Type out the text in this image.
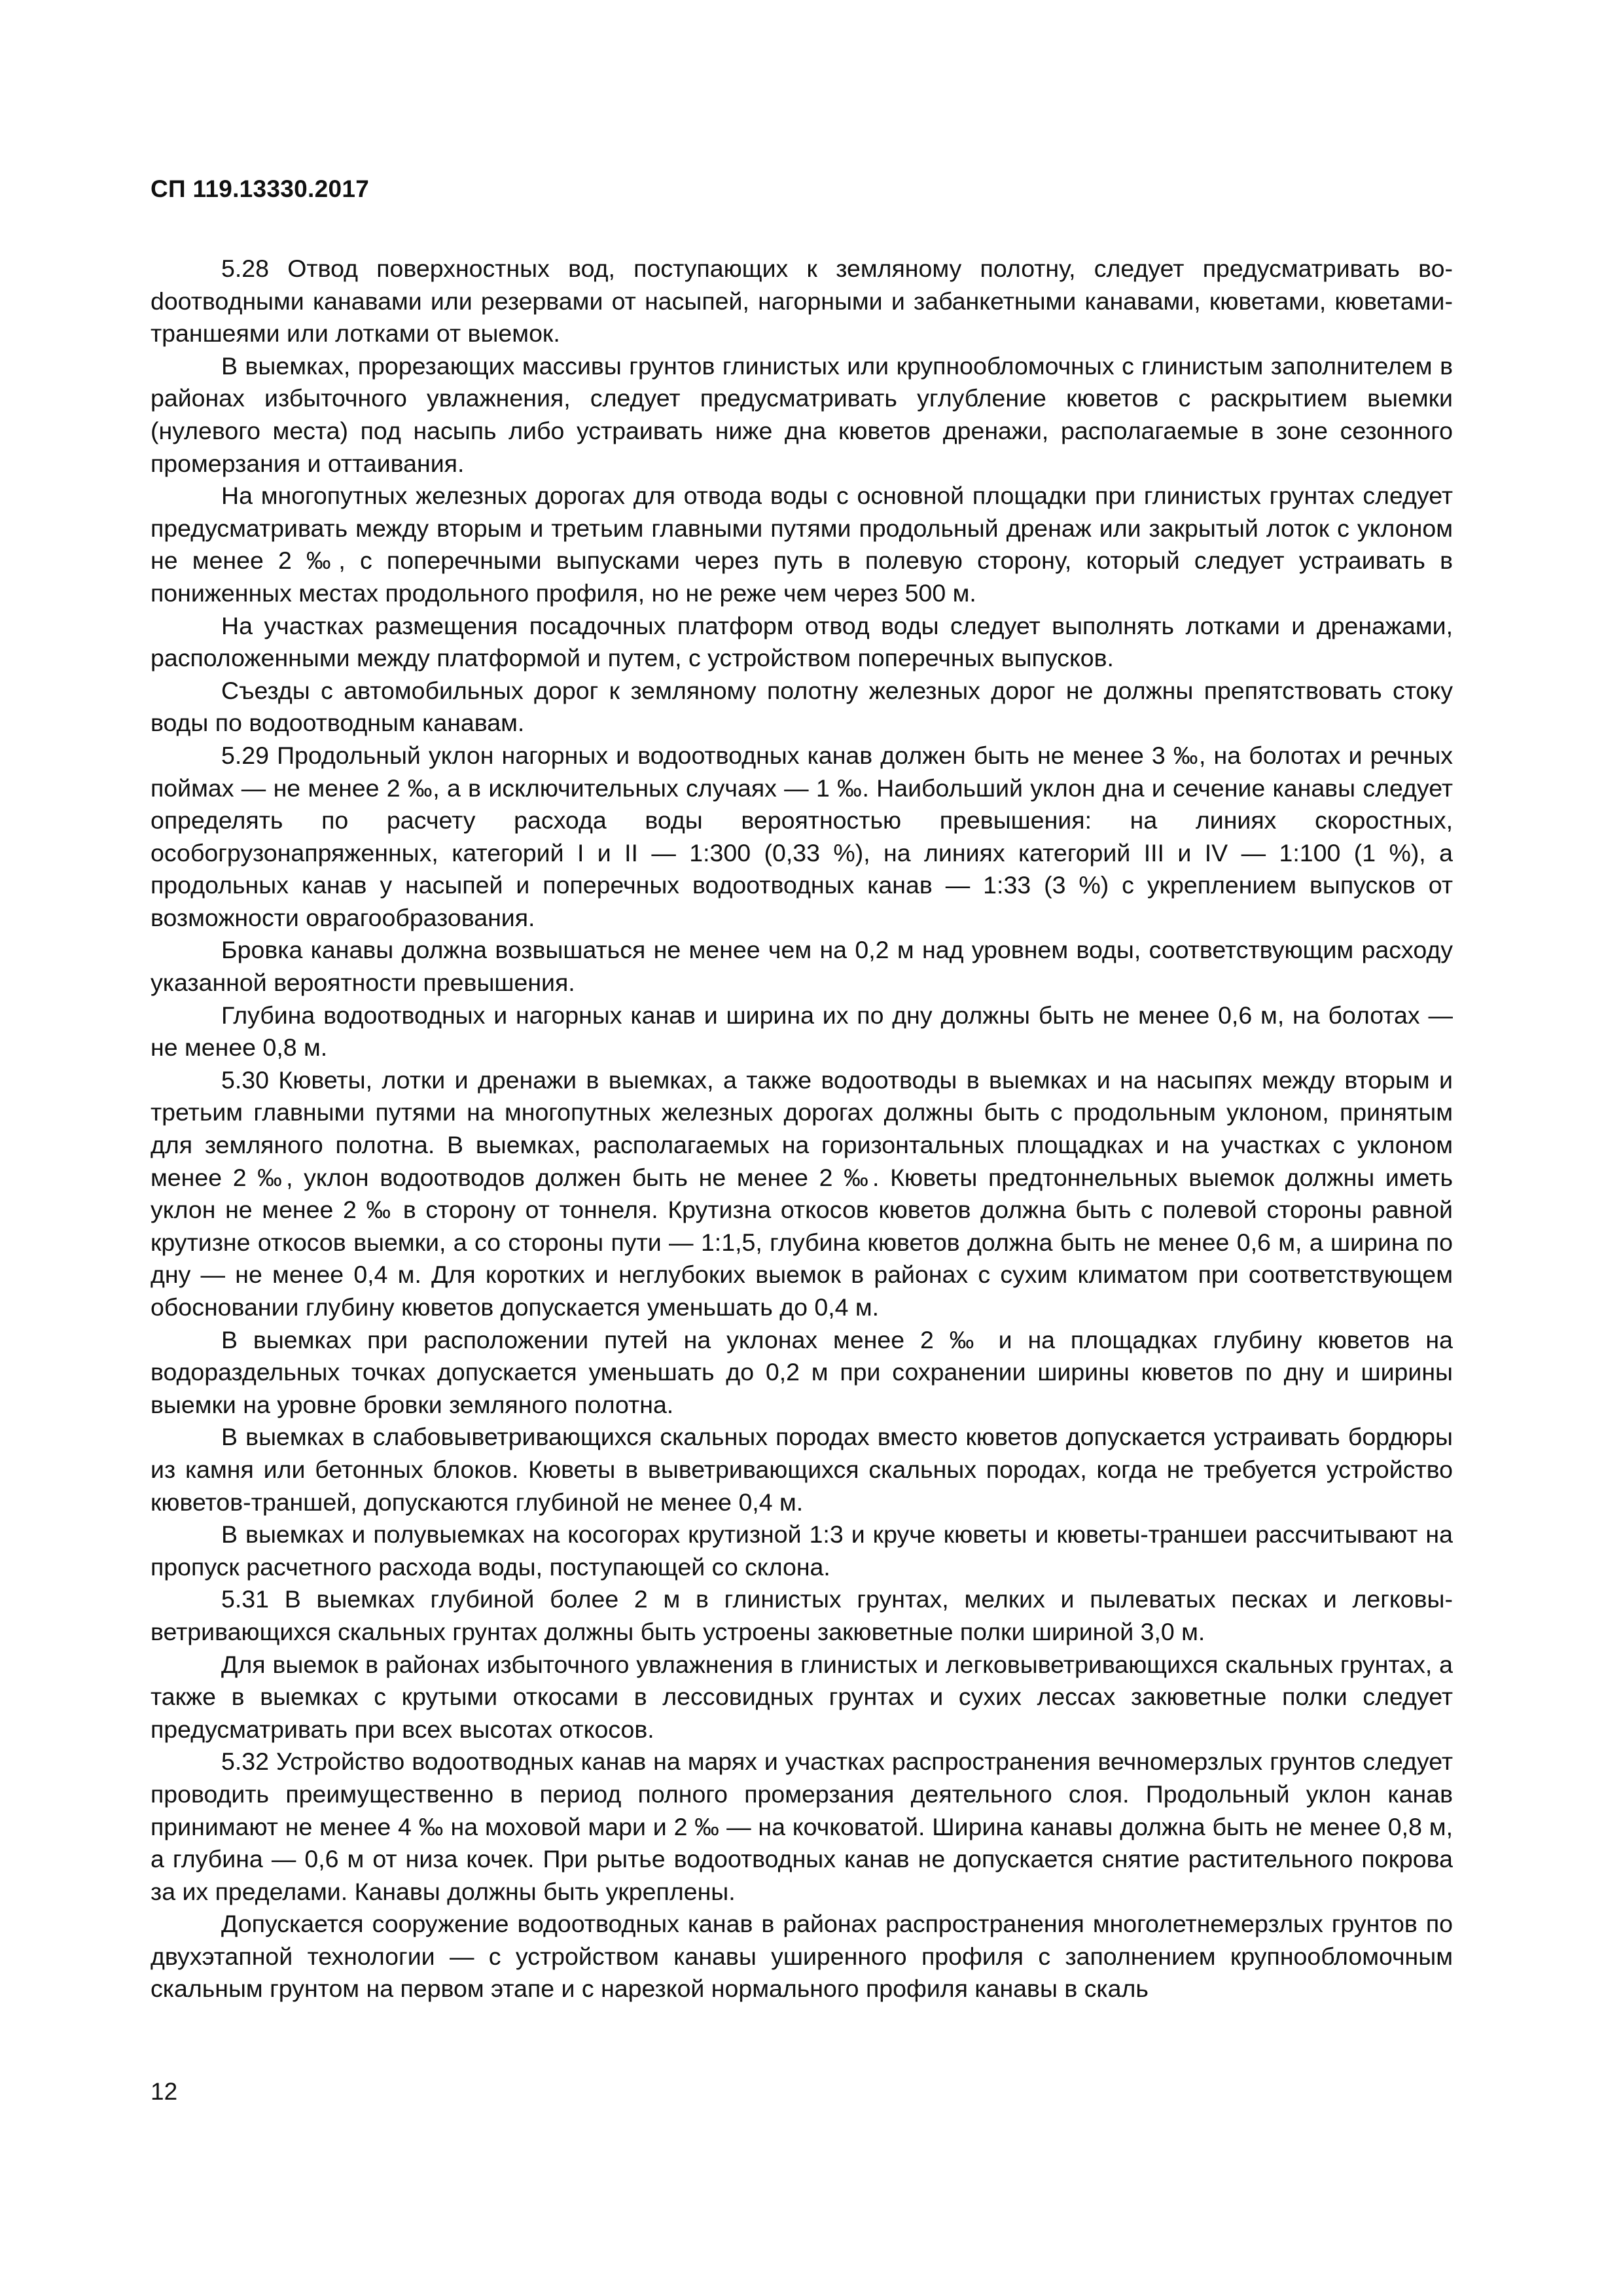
СП 119.13330.2017

5.28 Отвод поверхностных вод, поступающих к земляному полотну, следует предусматривать воdоотводными канавами или резервами от насыпей, нагорными и забанкетными канавами, кюветами, кюветами-траншеями или лотками от выемок.

В выемках, прорезающих массивы грунтов глинистых или крупнообломочных с глинистым заполнителем в районах избыточного увлажнения, следует предусматривать углубление кюветов с раскрытием выемки (нулевого места) под насыпь либо устраивать ниже дна кюветов дренажи, располагаемые в зоне сезонного промерзания и оттаивания.

На многопутных железных дорогах для отвода воды с основной площадки при глинистых грунтах следует предусматривать между вторым и третьим главными путями продольный дренаж или закрытый лоток с уклоном не менее 2 ‰, с поперечными выпусками через путь в полевую сторону, который следует устраивать в пониженных местах продольного профиля, но не реже чем через 500 м.

На участках размещения посадочных платформ отвод воды следует выполнять лотками и дренажами, расположенными между платформой и путем, с устройством поперечных выпусков.

Съезды с автомобильных дорог к земляному полотну железных дорог не должны препятствовать стоку воды по водоотводным канавам.

5.29 Продольный уклон нагорных и водоотводных канав должен быть не менее 3 ‰, на болотах и речных поймах — не менее 2 ‰, а в исключительных случаях — 1 ‰. Наибольший уклон дна и сечение канавы следует определять по расчету расхода воды вероятностью превышения: на линиях скоростных, особогрузонапряженных, категорий I и II — 1:300 (0,33 %), на линиях категорий III и IV — 1:100 (1 %), а продольных канав у насыпей и поперечных водоотводных канав — 1:33 (3 %) с укреплением выпусков от возможности оврагообразования.

Бровка канавы должна возвышаться не менее чем на 0,2 м над уровнем воды, соответствующим расходу указанной вероятности превышения.

Глубина водоотводных и нагорных канав и ширина их по дну должны быть не менее 0,6 м, на болотах — не менее 0,8 м.

5.30 Кюветы, лотки и дренажи в выемках, а также водоотводы в выемках и на насыпях между вторым и третьим главными путями на многопутных железных дорогах должны быть с продольным уклоном, принятым для земляного полотна. В выемках, располагаемых на горизонтальных площадках и на участках с уклоном менее 2 ‰, уклон водоотводов должен быть не менее 2 ‰. Кюветы предтоннельных выемок должны иметь уклон не менее 2 ‰ в сторону от тоннеля. Крутизна откосов кюветов должна быть с полевой стороны равной крутизне откосов выемки, а со стороны пути — 1:1,5, глубина кюветов должна быть не менее 0,6 м, а ширина по дну — не менее 0,4 м. Для коротких и неглубоких выемок в районах с сухим климатом при соответствующем обосновании глубину кюветов допускается уменьшать до 0,4 м.

В выемках при расположении путей на уклонах менее 2 ‰ и на площадках глубину кюветов на водораздельных точках допускается уменьшать до 0,2 м при сохранении ширины кюветов по дну и ширины выемки на уровне бровки земляного полотна.

В выемках в слабовыветривающихся скальных породах вместо кюветов допускается устраивать бордюры из камня или бетонных блоков. Кюветы в выветривающихся скальных породах, когда не требуется устройство кюветов-траншей, допускаются глубиной не менее 0,4 м.

В выемках и полувыемках на косогорах крутизной 1:3 и круче кюветы и кюветы-траншеи рассчитывают на пропуск расчетного расхода воды, поступающей со склона.

5.31 В выемках глубиной более 2 м в глинистых грунтах, мелких и пылеватых песках и легковыветривающихся скальных грунтах должны быть устроены закюветные полки шириной 3,0 м.

Для выемок в районах избыточного увлажнения в глинистых и легковыветривающихся скальных грунтах, а также в выемках с крутыми откосами в лессовидных грунтах и сухих лессах закюветные полки следует предусматривать при всех высотах откосов.

5.32 Устройство водоотводных канав на марях и участках распространения вечномерзлых грунтов следует проводить преимущественно в период полного промерзания деятельного слоя. Продольный уклон канав принимают не менее 4 ‰ на моховой мари и 2 ‰ — на кочковатой. Ширина канавы должна быть не менее 0,8 м, а глубина — 0,6 м от низа кочек. При рытье водоотводных канав не допускается снятие растительного покрова за их пределами. Канавы должны быть укреплены.

Допускается сооружение водоотводных канав в районах распространения многолетнемерзлых грунтов по двухэтапной технологии — с устройством канавы уширенного профиля с заполнением крупнообломочным скальным грунтом на первом этапе и с нарезкой нормального профиля канавы в скаль

12
